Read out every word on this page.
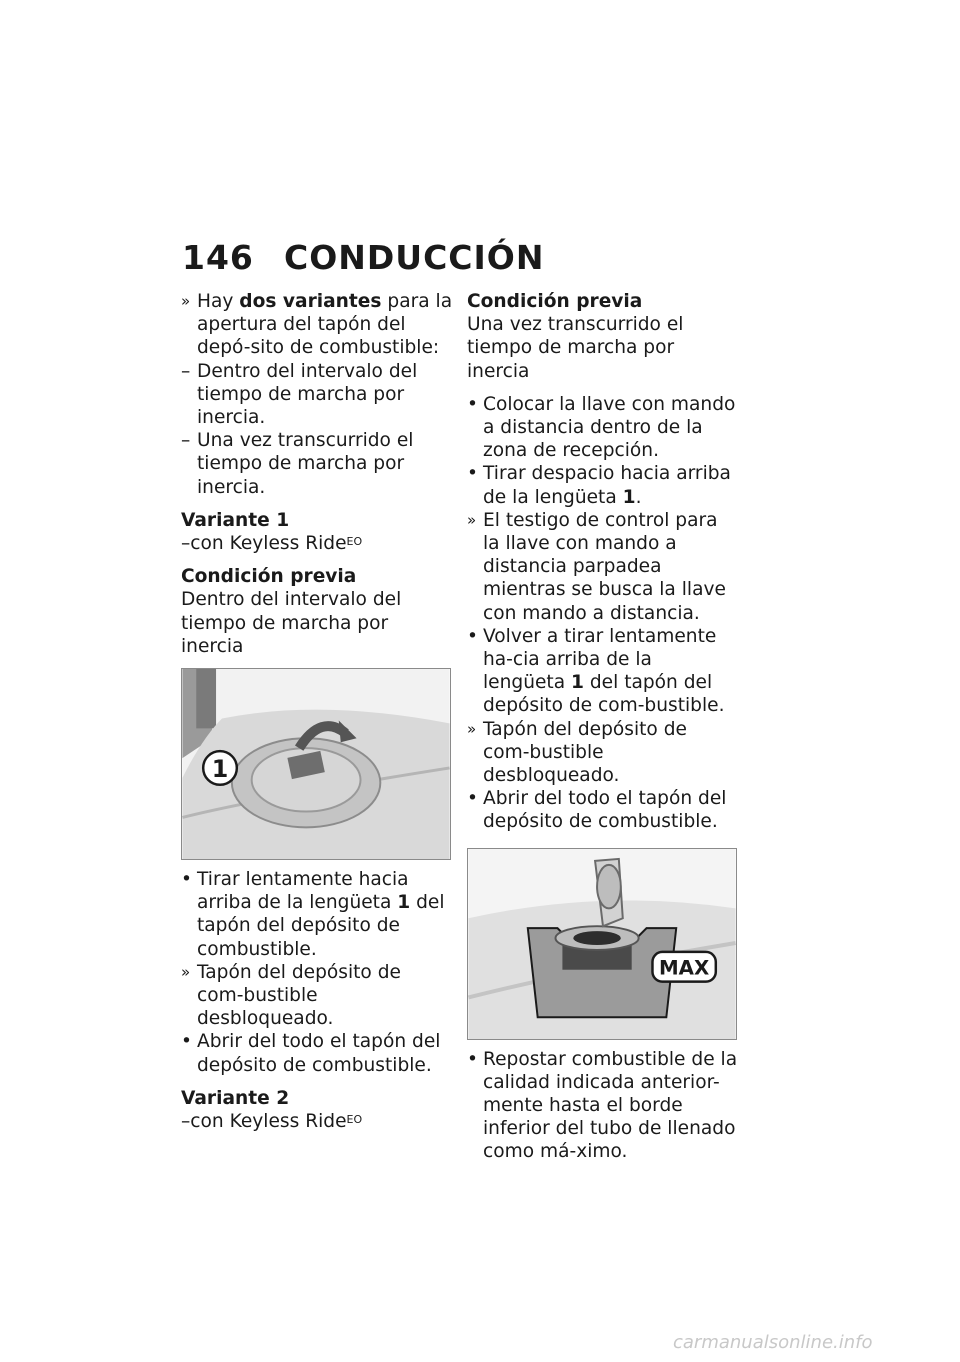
146 CONDUCCIÓN
» Hay dos variantes para la apertura del tapón del depó-sito de combustible:
– Dentro del intervalo del tiempo de marcha por inercia.
– Una vez transcurrido el tiempo de marcha por inercia.
Variante 1
–con Keyless Ride$^{EO}$
Condición previa
Dentro del intervalo del tiempo de marcha por inercia
1
• Tirar lentamente hacia arriba de la lengüeta 1 del tapón del depósito de combustible.
» Tapón del depósito de com-bustible desbloqueado.
• Abrir del todo el tapón del depósito de combustible.
Variante 2
–con Keyless Ride$^{EO}$
Condición previa
Una vez transcurrido el tiempo de marcha por inercia
• Colocar la llave con mando a distancia dentro de la zona de recepción.
• Tirar despacio hacia arriba de la lengüeta 1.
» El testigo de control para la llave con mando a distancia parpadea mientras se busca la llave con mando a distancia.
• Volver a tirar lentamente ha-cia arriba de la lengüeta 1 del tapón del depósito de com-bustible.
» Tapón del depósito de com-bustible desbloqueado.
• Abrir del todo el tapón del depósito de combustible.
MAX
• Repostar combustible de la calidad indicada anterior-mente hasta el borde inferior del tubo de llenado como má-ximo.
carmanualsonline.info
